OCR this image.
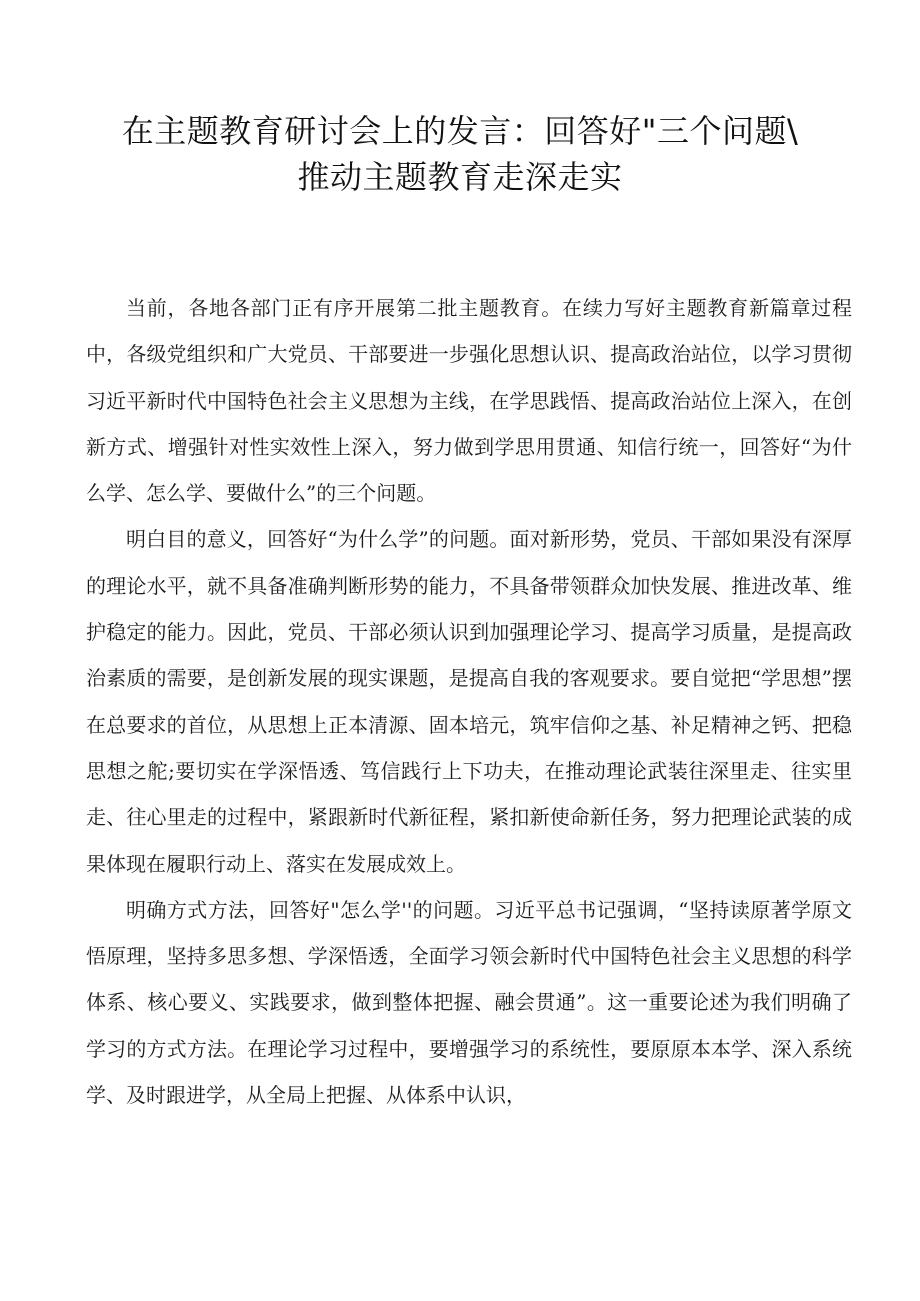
在主题教育研讨会上的发言：回答好"三个问题\
推动主题教育走深走实

当前，各地各部门正有序开展第二批主题教育。在续力写好主题教育新篇章过程中，各级党组织和广大党员、干部要进一步强化思想认识、提高政治站位，以学习贯彻习近平新时代中国特色社会主义思想为主线，在学思践悟、提高政治站位上深入，在创新方式、增强针对性实效性上深入，努力做到学思用贯通、知信行统一，回答好“为什么学、怎么学、要做什么”的三个问题。

明白目的意义，回答好“为什么学”的问题。面对新形势，党员、干部如果没有深厚的理论水平，就不具备准确判断形势的能力，不具备带领群众加快发展、推进改革、维护稳定的能力。因此，党员、干部必须认识到加强理论学习、提高学习质量，是提高政治素质的需要，是创新发展的现实课题，是提高自我的客观要求。要自觉把“学思想”摆在总要求的首位，从思想上正本清源、固本培元，筑牢信仰之基、补足精神之钙、把稳思想之舵;要切实在学深悟透、笃信践行上下功夫，在推动理论武装往深里走、往实里走、往心里走的过程中，紧跟新时代新征程，紧扣新使命新任务，努力把理论武装的成果体现在履职行动上、落实在发展成效上。

明确方式方法，回答好"怎么学''的问题。习近平总书记强调，“坚持读原著学原文悟原理，坚持多思多想、学深悟透，全面学习领会新时代中国特色社会主义思想的科学体系、核心要义、实践要求，做到整体把握、融会贯通”。这一重要论述为我们明确了学习的方式方法。在理论学习过程中，要增强学习的系统性，要原原本本学、深入系统学、及时跟进学，从全局上把握、从体系中认识，
